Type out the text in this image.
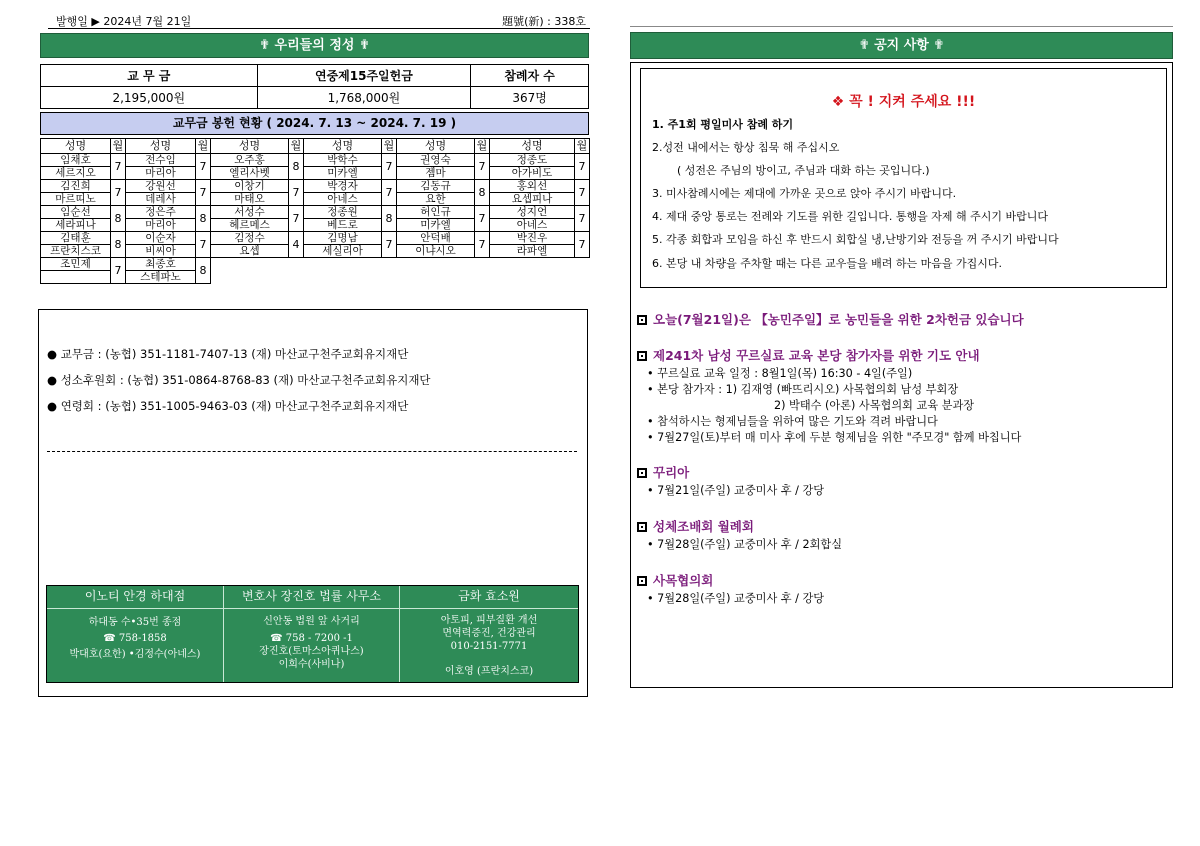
발행일 ▶ 2024년 7월 21일	題號(新) : 338호
✟ 우리들의 정성 ✟
교 무 금	연중제15주일헌금	참례자 수
2,195,000원	1,768,000원	367명
교무금 봉헌 현황 ( 2024. 7. 13 ~ 2024. 7. 19 )
성명	월	성명	월	성명	월	성명	월	성명	월	성명	월
임채호	7	전수임	7	오주홍	8	박학수	7	권영숙	7	정종도	7
세르지오		마리아		엘리사벳		미카엘		젬마		아가비도	
김진희	7	강원선	7	이창기	7	박경자	7	김동규	8	홍외선	7
마르띠노		데레사		마태오		아네스		요한		요셉피나	
임순선	8	정은주	8	서성수	7	정종원	8	허인규	7	성지언	7
세라피나		마리아		헤르메스		베드로		미카엘		아네스	
김태훈	8	이순자	7	김정수	4	김명남	7	안덕배	7	박진우	7
프란치스코		비씨아		요셉		세실리아		이냐시오		라파엘	
조민제	7	최종호	8								
		스테파노									
● 교무금 : (농협) 351-1181-7407-13 (재) 마산교구천주교회유지재단
● 성소후원회 : (농협) 351-0864-8768-83 (재) 마산교구천주교회유지재단
● 연령회 : (농협) 351-1005-9463-03 (재) 마산교구천주교회유지재단
이노티 안경 하대점
하대동 수•35번 종점
☎ 758-1858
박대호(요한) •김정수(아네스)
변호사 장진호 법률 사무소
신안동 법원 앞 사거리
☎ 758 - 7200 -1
장진호(토마스아퀴나스)
이희수(사비나)
금화 효소원
아토피, 피부질환 개선
면역력증진, 건강관리
010-2151-7771
이호영 (프란치스코)
✟ 공지 사항 ✟
❖ 꼭 ! 지켜 주세요 !!!
1. 주1회 평일미사 참례 하기
2.성전 내에서는 항상 침묵 해 주십시오
( 성전은 주님의 방이고, 주님과 대화 하는 곳입니다.)
3. 미사참례시에는 제대에 가까운 곳으로 앉아 주시기 바랍니다.
4. 제대 중앙 통로는 전례와 기도를 위한 길입니다. 통행을 자제 해 주시기 바랍니다
5. 각종 회합과 모임을 하신 후 반드시 회합실 냉,난방기와 전등을 꺼 주시기 바랍니다
6. 본당 내 차량을 주차할 때는 다른 교우들을 배려 하는 마음을 가집시다.
오늘(7월21일)은 【농민주일】로 농민들을 위한 2차헌금 있습니다
제241차 남성 꾸르실료 교육 본당 참가자를 위한 기도 안내
• 꾸르실료 교육 일정 : 8월1일(목) 16:30 - 4일(주일)
• 본당 참가자 : 1) 김재영 (빠뜨리시오) 사목협의회 남성 부회장
2) 박태수 (아론) 사목협의회 교육 분과장
• 참석하시는 형제님들을 위하여 많은 기도와 격려 바랍니다
• 7월27일(토)부터 매 미사 후에 두분 형제님을 위한 "주모경" 함께 바칩니다
꾸리아
• 7월21일(주일) 교중미사 후 / 강당
성체조배회 월례회
• 7월28일(주일) 교중미사 후 / 2회합실
사목협의회
• 7월28일(주일) 교중미사 후 / 강당
